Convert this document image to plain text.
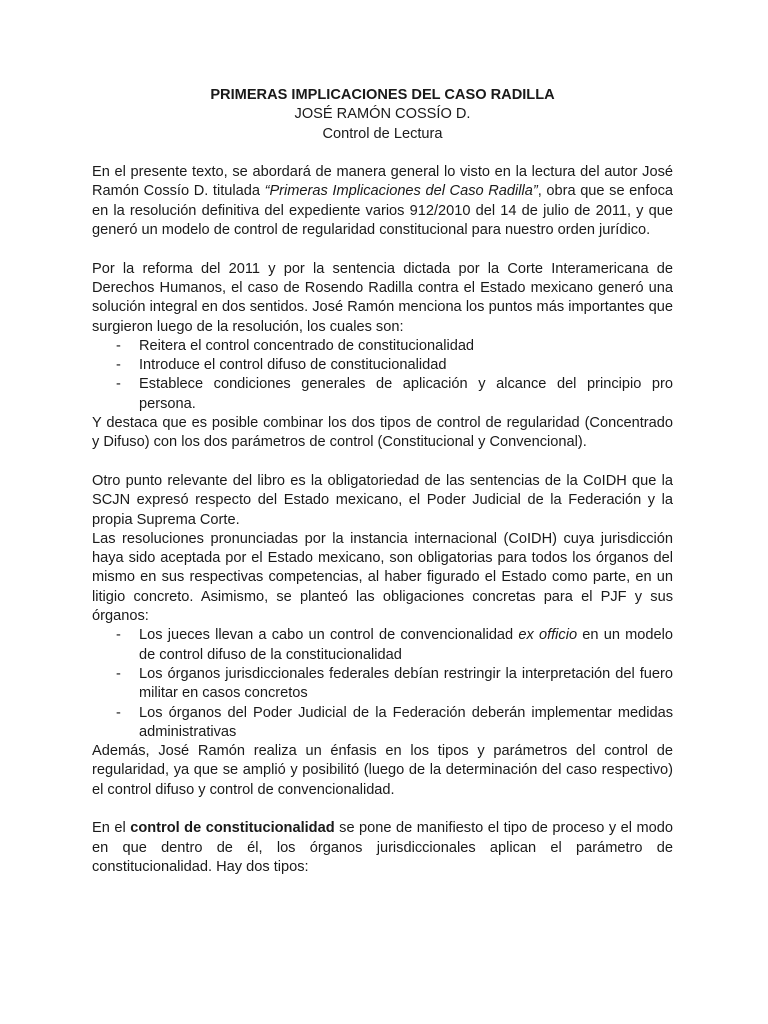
PRIMERAS IMPLICACIONES DEL CASO RADILLA
JOSÉ RAMÓN COSSÍO D.
Control de Lectura

En el presente texto, se abordará de manera general lo visto en la lectura del autor José Ramón Cossío D. titulada “Primeras Implicaciones del Caso Radilla”, obra que se enfoca en la resolución definitiva del expediente varios 912/2010 del 14 de julio de 2011, y que generó un modelo de control de regularidad constitucional para nuestro orden jurídico.

Por la reforma del 2011 y por la sentencia dictada por la Corte Interamericana de Derechos Humanos, el caso de Rosendo Radilla contra el Estado mexicano generó una solución integral en dos sentidos. José Ramón menciona los puntos más importantes que surgieron luego de la resolución, los cuales son:

- Reitera el control concentrado de constitucionalidad
- Introduce el control difuso de constitucionalidad
- Establece condiciones generales de aplicación y alcance del principio pro persona.

Y destaca que es posible combinar los dos tipos de control de regularidad (Concentrado y Difuso) con los dos parámetros de control (Constitucional y Convencional).

Otro punto relevante del libro es la obligatoriedad de las sentencias de la CoIDH que la SCJN expresó respecto del Estado mexicano, el Poder Judicial de la Federación y la propia Suprema Corte.

Las resoluciones pronunciadas por la instancia internacional (CoIDH) cuya jurisdicción haya sido aceptada por el Estado mexicano, son obligatorias para todos los órganos del mismo en sus respectivas competencias, al haber figurado el Estado como parte, en un litigio concreto. Asimismo, se planteó las obligaciones concretas para el PJF y sus órganos:

- Los jueces llevan a cabo un control de convencionalidad ex officio en un modelo de control difuso de la constitucionalidad
- Los órganos jurisdiccionales federales debían restringir la interpretación del fuero militar en casos concretos
- Los órganos del Poder Judicial de la Federación deberán implementar medidas administrativas

Además, José Ramón realiza un énfasis en los tipos y parámetros del control de regularidad, ya que se amplió y posibilitó (luego de la determinación del caso respectivo) el control difuso y control de convencionalidad.

En el control de constitucionalidad se pone de manifiesto el tipo de proceso y el modo en que dentro de él, los órganos jurisdiccionales aplican el parámetro de constitucionalidad. Hay dos tipos:
